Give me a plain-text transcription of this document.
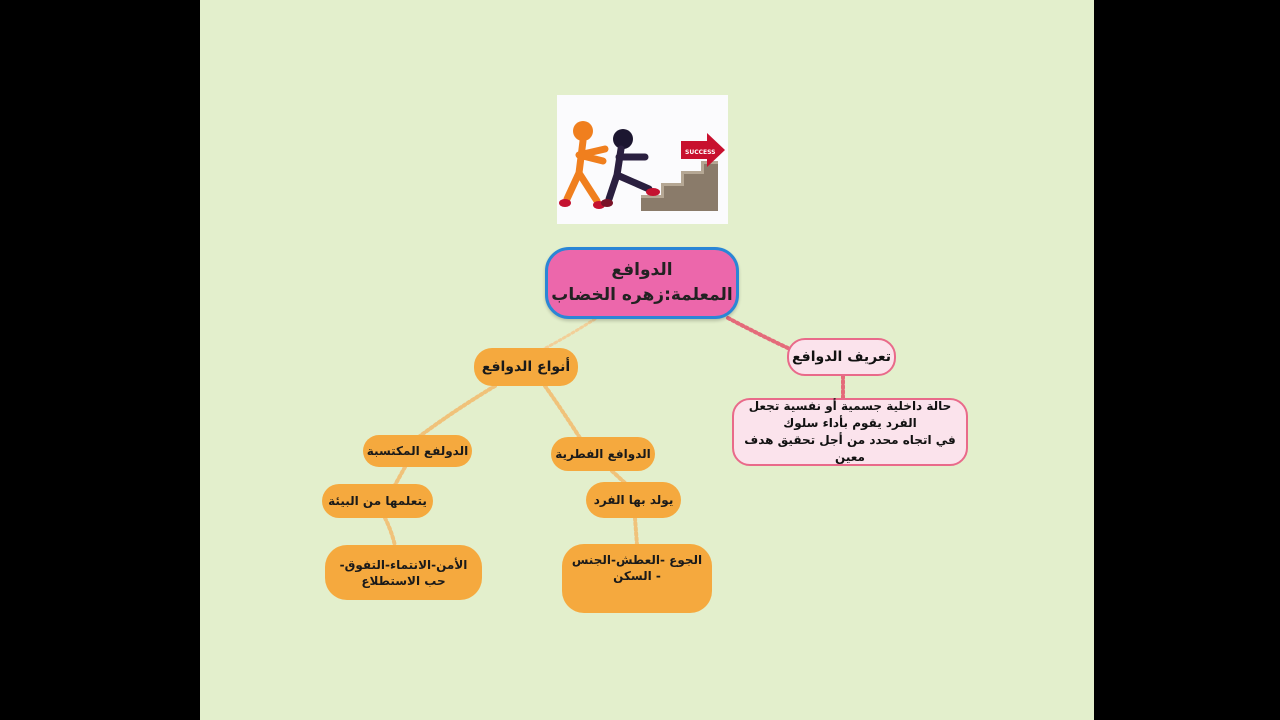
SUCCESS
الدوافع
المعلمة:زهره الخضاب
تعريف الدوافع
حالة داخلية جسمية أو نفسية تجعل
الفرد يقوم بأداء سلوك
في اتجاه محدد من أجل تحقيق هدف معين
أنواع الدوافع
الدولفع المكتسبة	الدوافع الفطرية
يتعلمها من البيئة	يولد بها الفرد
الأمن-الانتماء-التفوق-حب الاستطلاع
الجوع -العطش-الجنس - السكن
